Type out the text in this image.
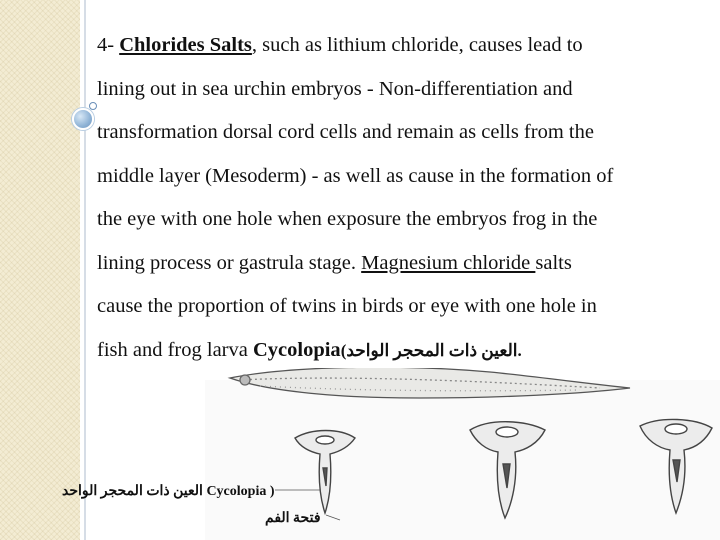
4- Chlorides Salts, such as lithium chloride, causes lead to
lining out in sea urchin embryos - Non-differentiation and
transformation dorsal cord cells and remain as cells from the
middle layer (Mesoderm) - as well as cause in the formation of
the eye with one hole when exposure the embryos frog in the
lining process or gastrula stage. Magnesium chloride salts
cause the proportion of twins in birds or eye with one hole in
fish and frog larva Cycolopia.العين ذات المحجر الواحد)
( Cycolopia العين ذات المحجر الواحد
فتحة الفم
